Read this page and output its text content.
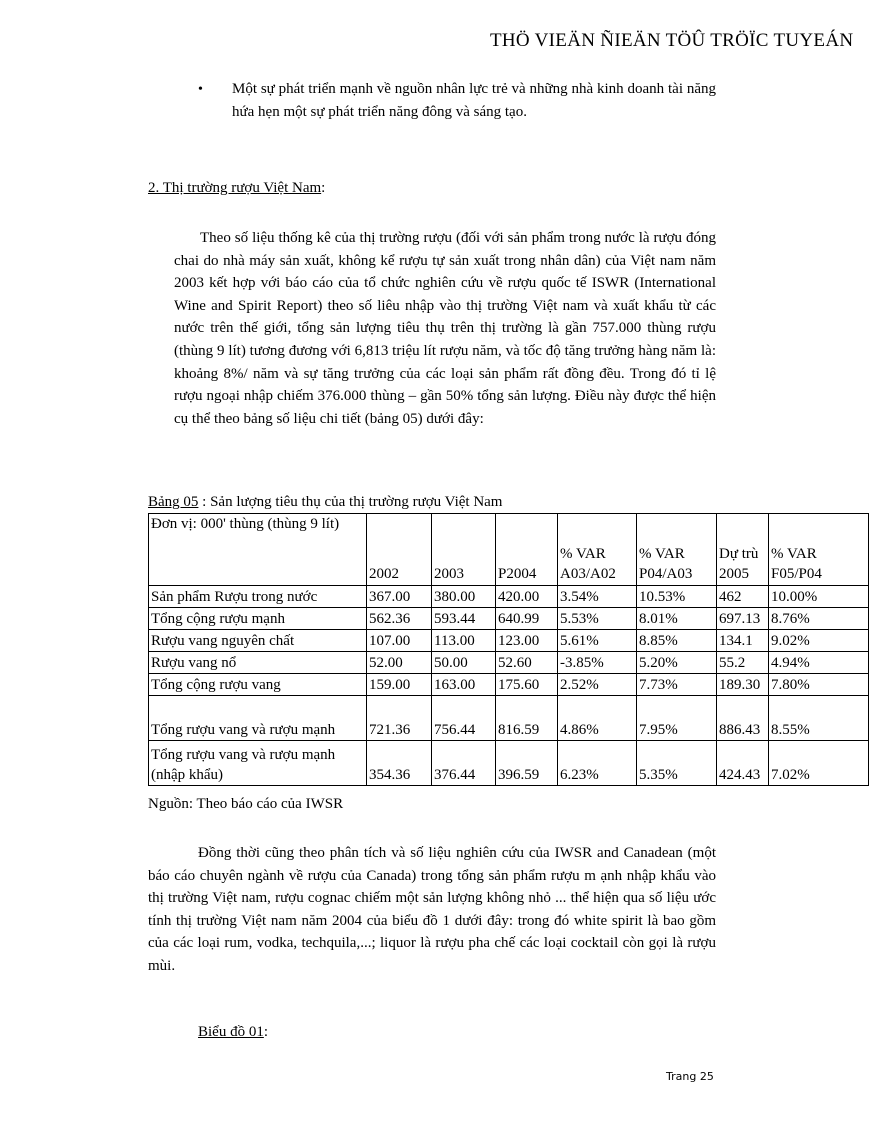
THÖ VIEÄN ÑIEÄN TÖÛ TRÖÏC TUYEÁN
• Một sự phát triển mạnh về nguồn nhân lực trẻ và những nhà kinh doanh tài năng hứa hẹn một sự phát triển năng đông và sáng tạo.
2. Thị trường rượu Việt Nam:
Theo số liệu thống kê của thị trường rượu (đối với sản phẩm trong nước là rượu đóng chai do nhà máy sản xuất, không kể rượu tự sản xuất trong nhân dân) của Việt nam năm 2003 kết hợp với báo cáo của tổ chức nghiên cứu về rượu quốc tế ISWR (International Wine and Spirit Report) theo số liêu nhập vào thị trường Việt nam và xuất khẩu từ các nước trên thế giới, tổng sản lượng tiêu thụ trên thị trường là gần 757.000 thùng rượu (thùng 9 lít) tương đương với 6,813 triệu lít rượu năm, và tốc độ tăng trưởng hàng năm là: khoảng 8%/ năm và sự tăng trưởng của các loại sản phẩm rất đồng đều. Trong đó tỉ lệ rượu ngoại nhập chiếm 376.000 thùng – gần 50% tổng sản lượng. Điều này được thể hiện cụ thể theo bảng số liệu chi tiết (bảng 05) dưới đây:
Bảng 05 : Sản lượng tiêu thụ của thị trường rượu Việt Nam
Đơn vị: 000' thùng (thùng 9 lít)	2002	2003	P2004	% VAR A03/A02	% VAR P04/A03	Dự trù 2005	% VAR F05/P04
Sản phẩm Rượu trong nước	367.00	380.00	420.00	3.54%	10.53%	462	10.00%
Tổng cộng rượu mạnh	562.36	593.44	640.99	5.53%	8.01%	697.13	8.76%
Rượu vang nguyên chất	107.00	113.00	123.00	5.61%	8.85%	134.1	9.02%
Rượu vang nổ	52.00	50.00	52.60	-3.85%	5.20%	55.2	4.94%
Tổng cộng rượu vang	159.00	163.00	175.60	2.52%	7.73%	189.30	7.80%
Tổng rượu vang và rượu mạnh	721.36	756.44	816.59	4.86%	7.95%	886.43	8.55%
Tổng rượu vang và rượu mạnh (nhập khẩu)	354.36	376.44	396.59	6.23%	5.35%	424.43	7.02%
Nguồn: Theo báo cáo của IWSR
Đồng thời cũng theo phân tích và số liệu nghiên cứu của IWSR and Canadean (một báo cáo chuyên ngành về rượu của Canada) trong tổng sản phẩm rượu m ạnh nhập khẩu vào thị trường Việt nam, rượu cognac chiếm một sản lượng không nhỏ ... thể hiện qua số liệu ước tính thị trường Việt nam năm 2004 của biểu đồ 1 dưới đây: trong đó white spirit là bao gồm của các loại rum, vodka, techquila,...; liquor là rượu pha chế các loại cocktail còn gọi là rượu mùi.
Biểu đồ 01:
Trang 25
